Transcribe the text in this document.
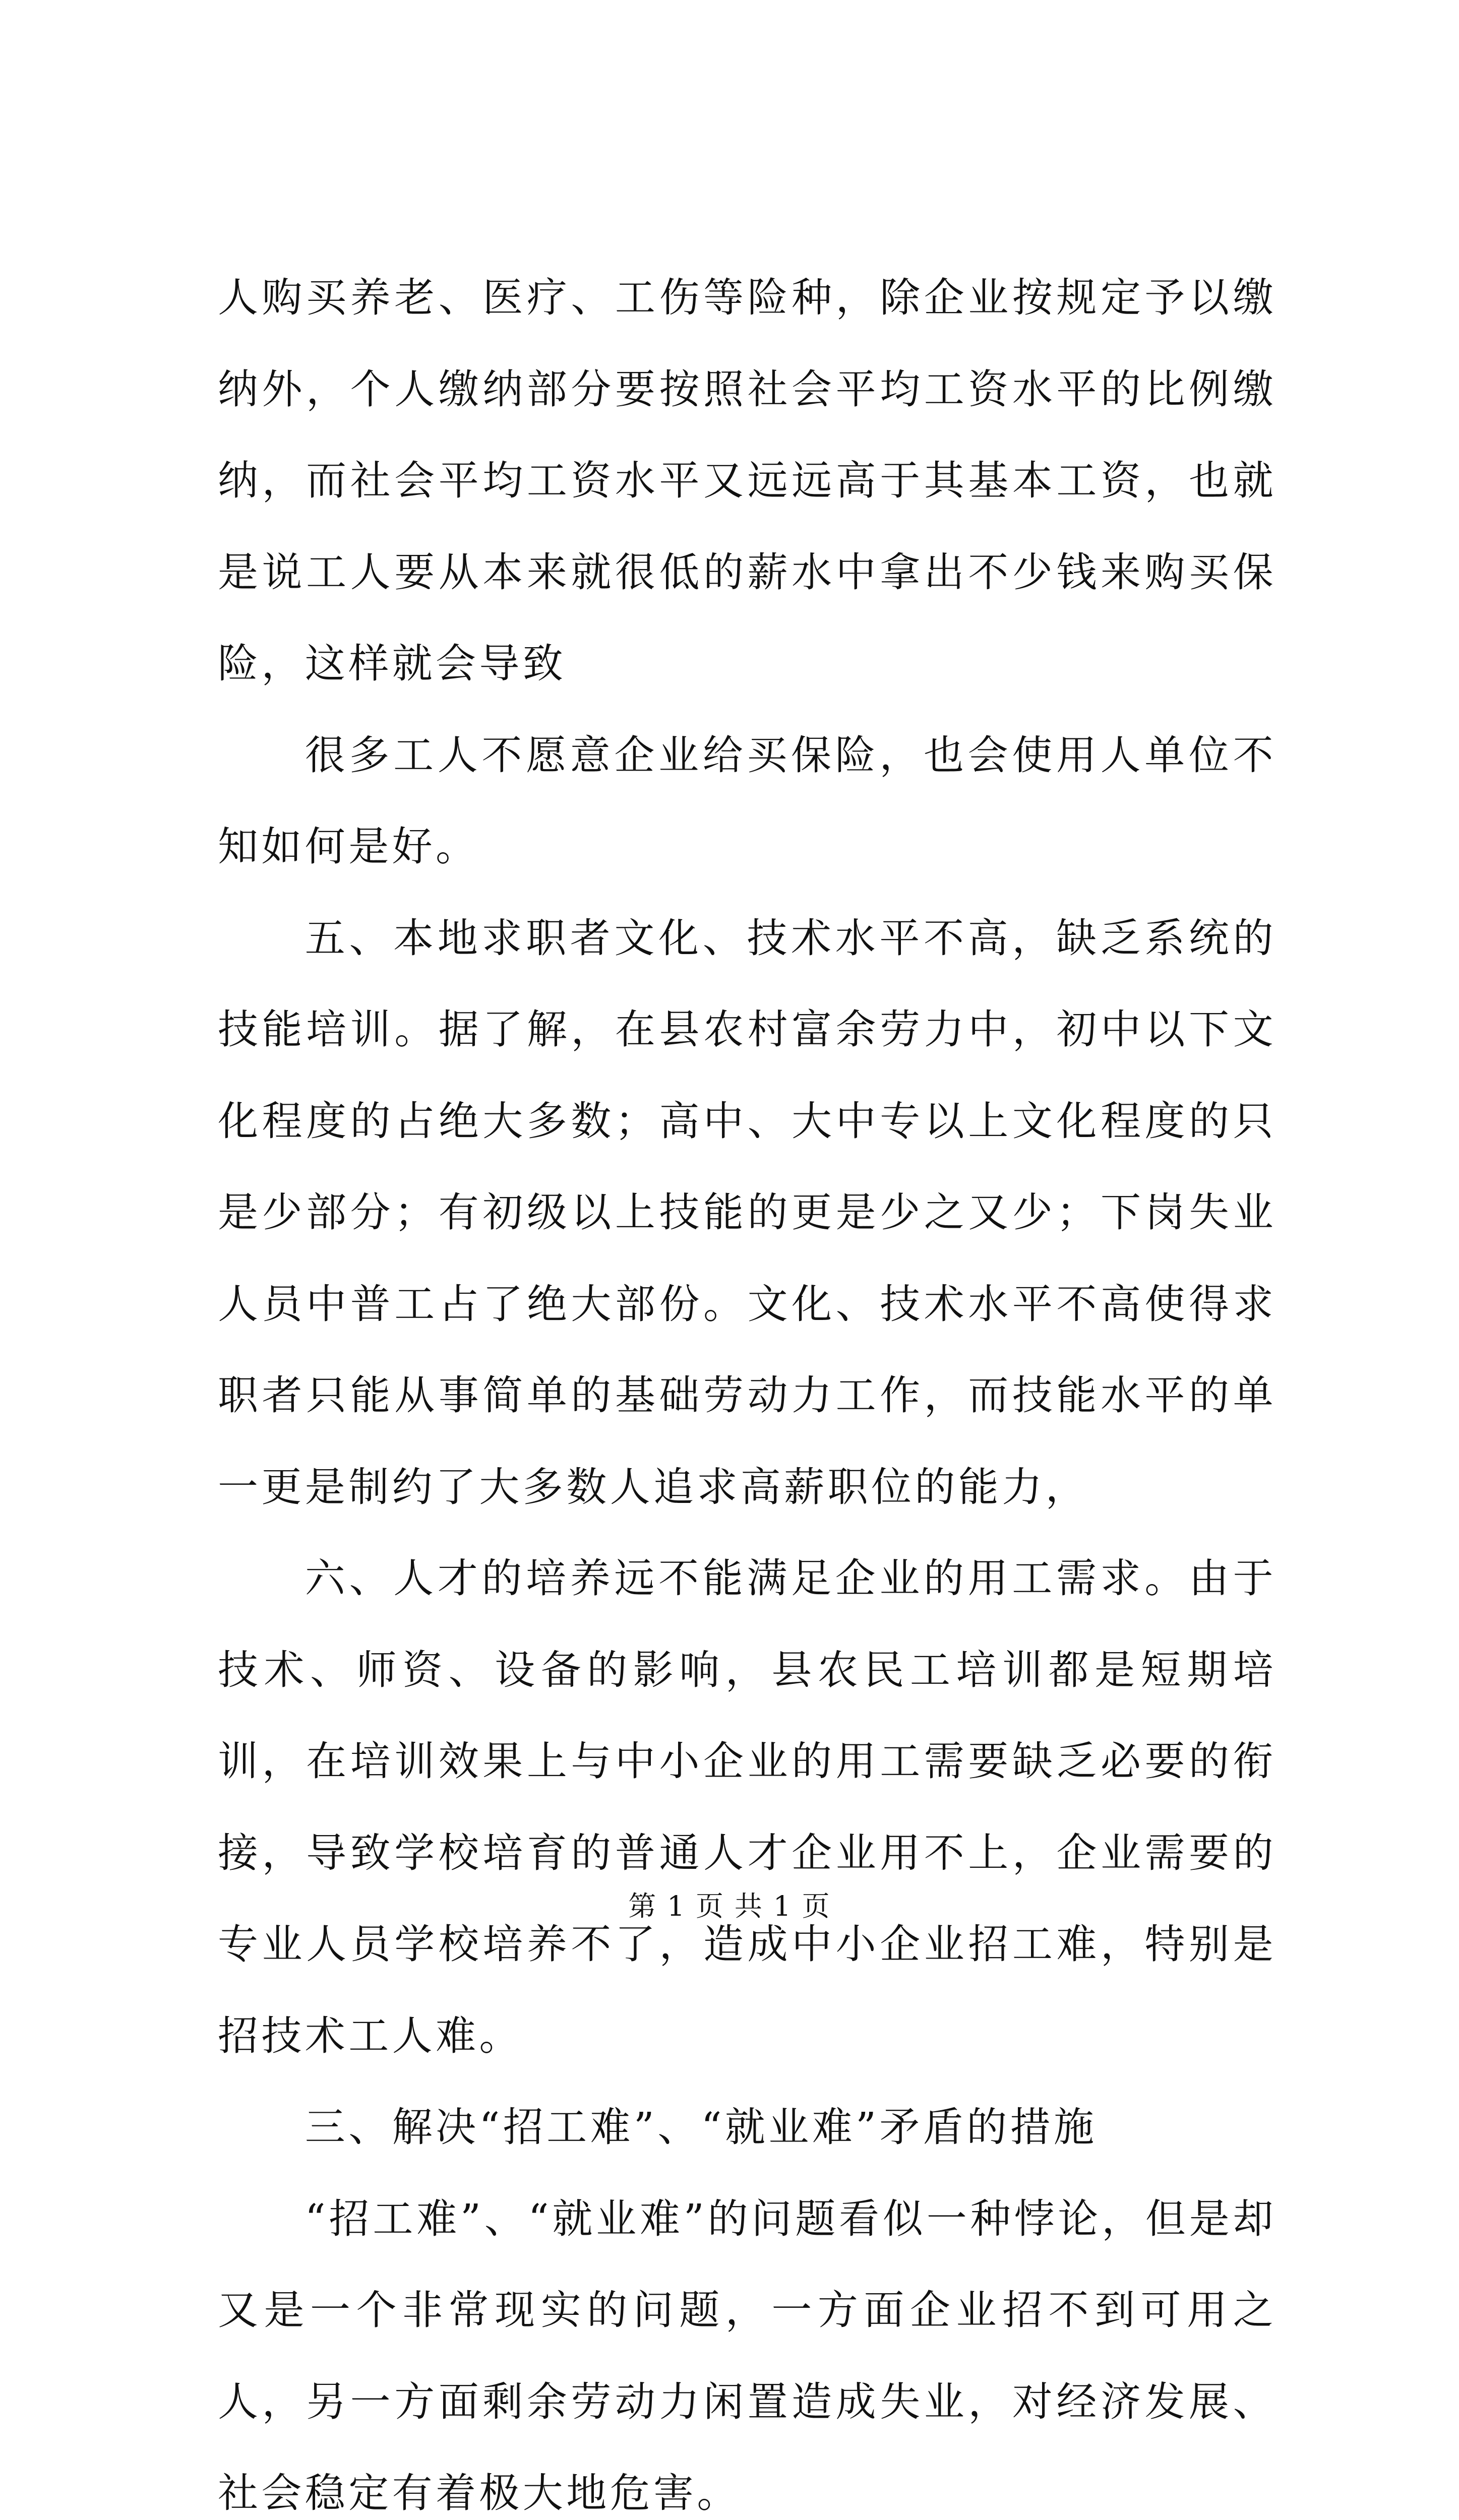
人购买养老、医疗、工伤等险种，除企业按规定予以缴纳外，个人缴纳部分要按照社会平均工资水平的比例缴纳，而社会平均工资水平又远远高于其基本工资，也就是说工人要从本来就很低的薪水中拿出不少钱来购买保险，这样就会导致

很多工人不愿意企业给买保险，也会使用人单位不知如何是好。

五、本地求职者文化、技术水平不高，缺乏系统的技能培训。据了解，在县农村富余劳力中，初中以下文化程度的占绝大多数；高中、大中专以上文化程度的只是少部分；有初级以上技能的更是少之又少；下岗失业人员中普工占了绝大部份。文化、技术水平不高使得求职者只能从事简单的基础劳动力工作，而技能水平的单一更是制约了大多数人追求高薪职位的能力，

六、人才的培养远不能满足企业的用工需求。由于技术、师资、设备的影响，县农民工培训都是短期培训，在培训效果上与中小企业的用工需要缺乏必要的衔接，导致学校培育的普通人才企业用不上，企业需要的专业人员学校培养不了，造成中小企业招工难，特别是招技术工人难。

三、解决“招工难”、“就业难”矛盾的措施

“招工难”、“就业难”的问题看似一种悖论，但是却又是一个非常现实的问题，一方面企业招不到可用之人，另一方面剩余劳动力闲置造成失业，对经济发展、社会稳定有着极大地危害。

第 1 页 共 1 页
